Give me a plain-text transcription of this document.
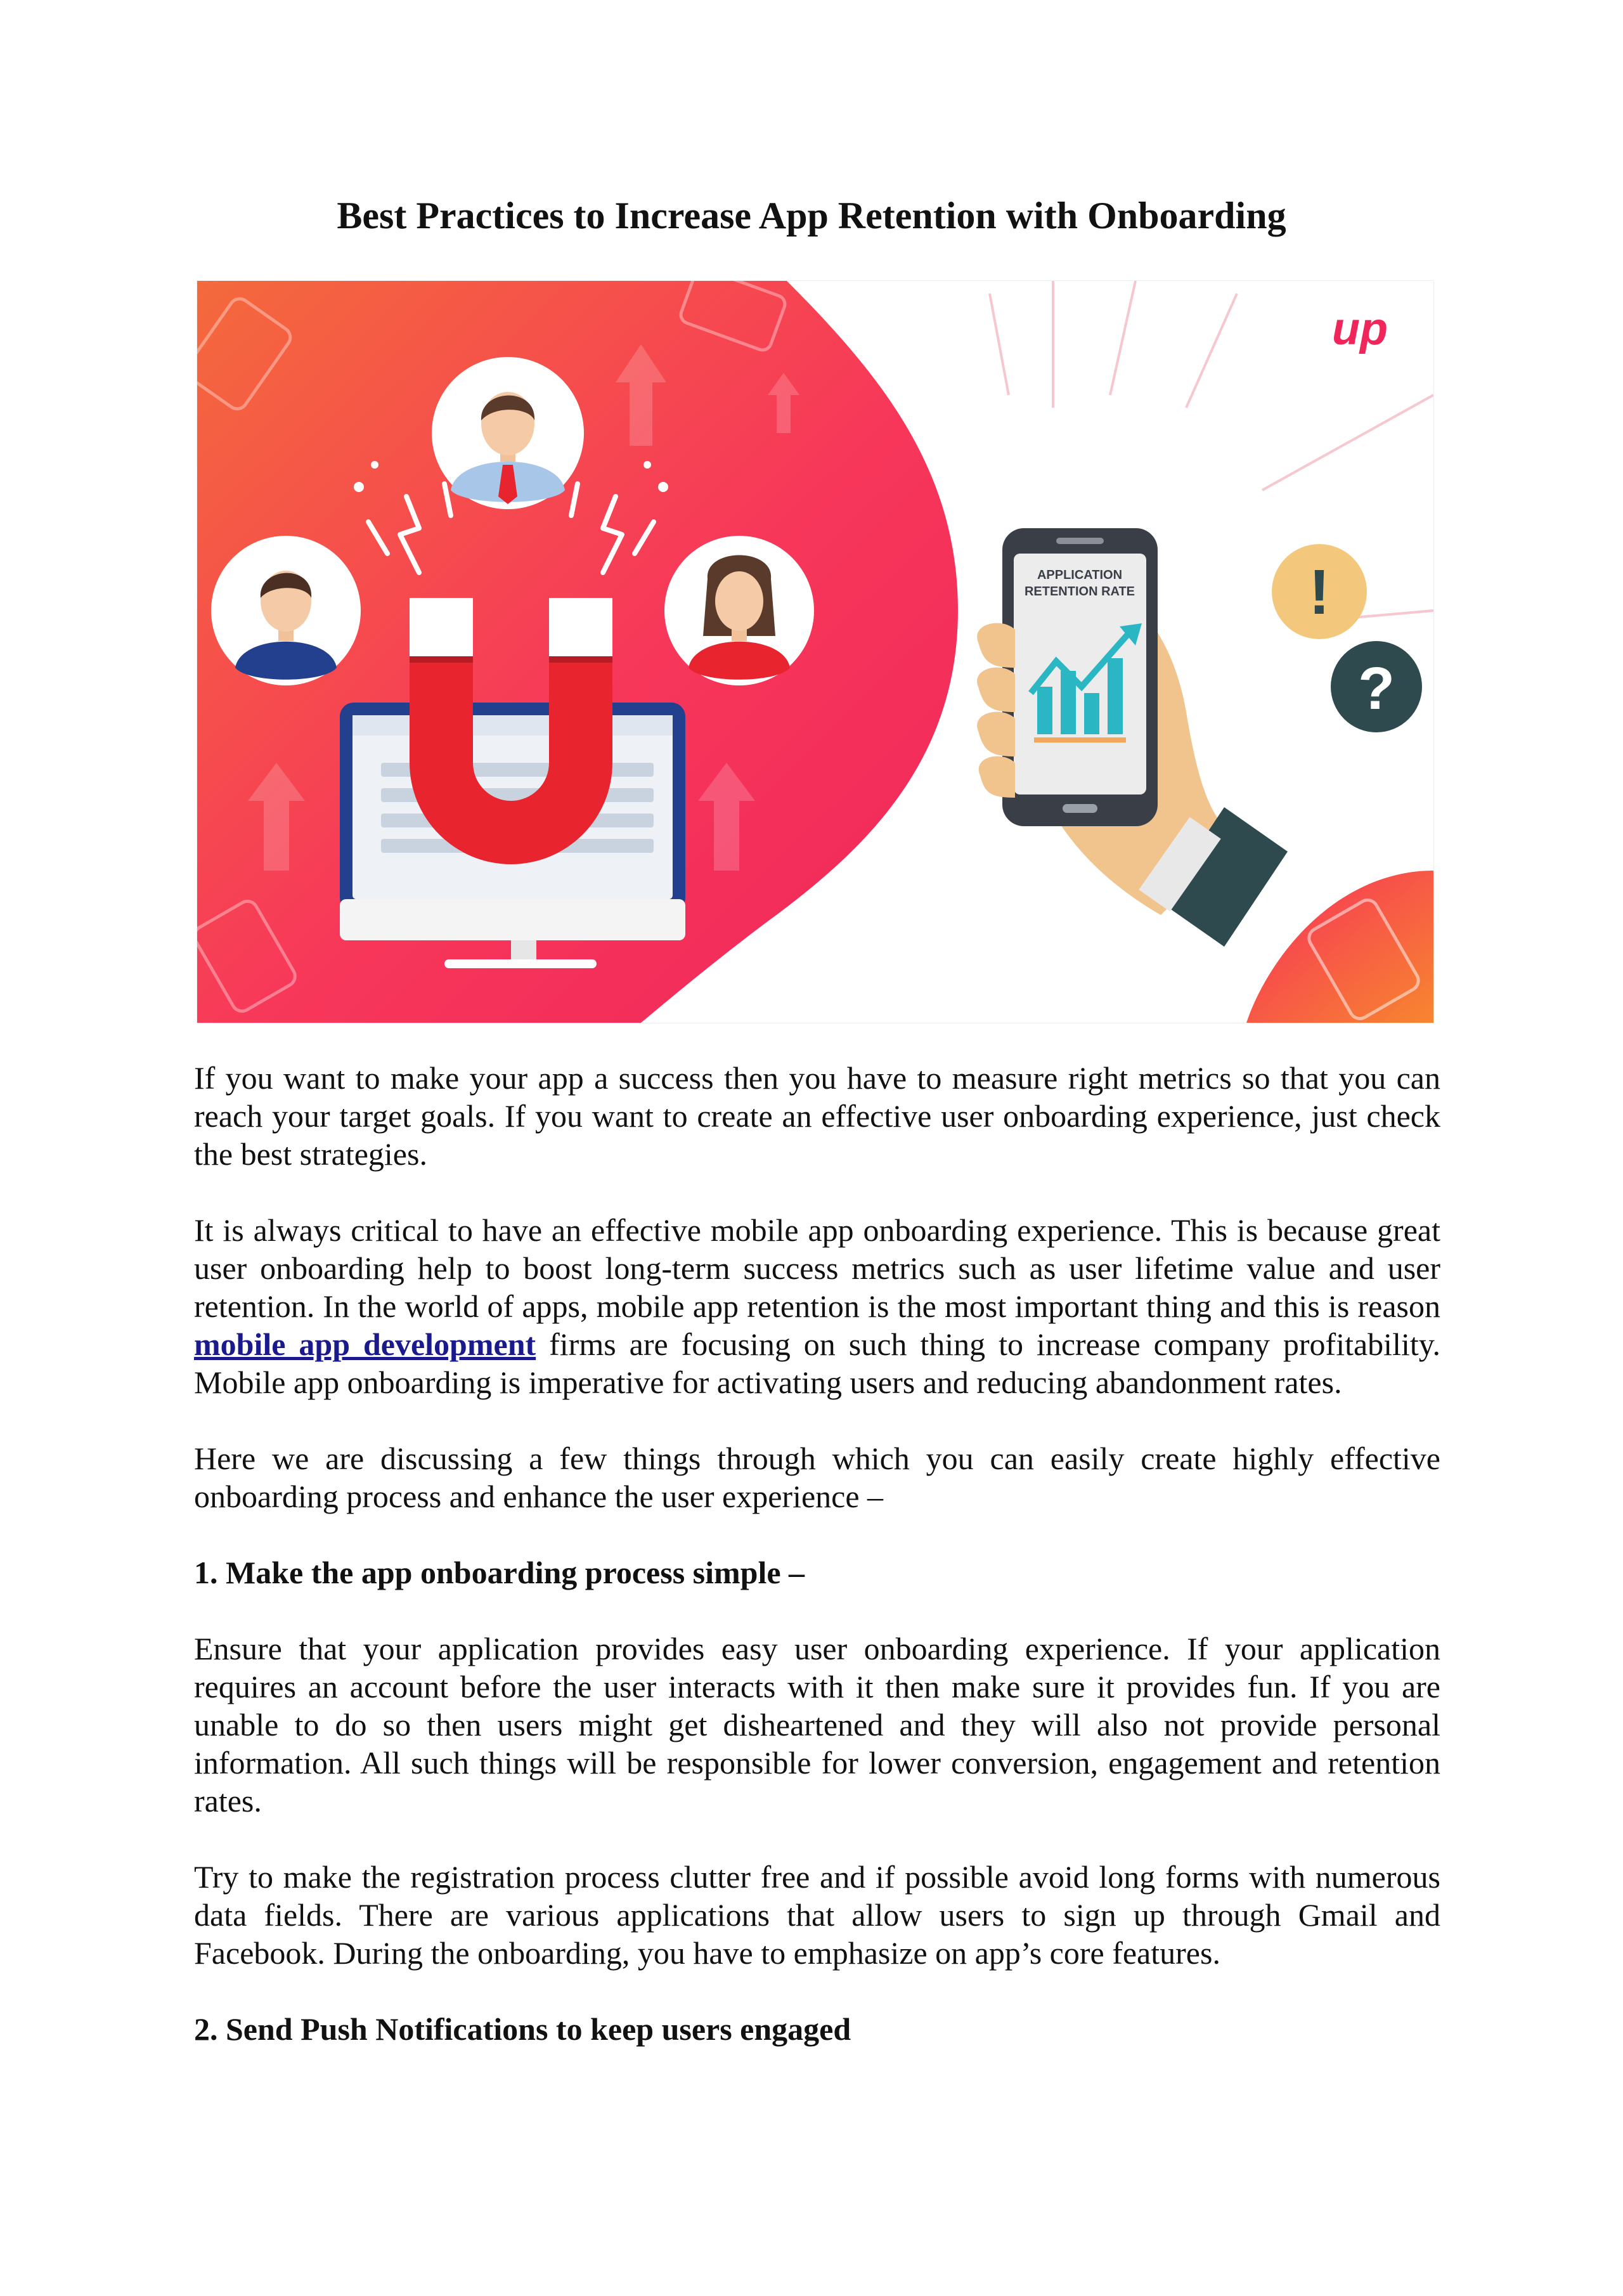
Best Practices to Increase App Retention with Onboarding
up
APPLICATION
RETENTION RATE	!
?

If you want to make your app a success then you have to measure right metrics so that you can reach your target goals. If you want to create an effective user onboarding experience, just check the best strategies.

It is always critical to have an effective mobile app onboarding experience. This is because great user onboarding help to boost long-term success metrics such as user lifetime value and user retention. In the world of apps, mobile app retention is the most important thing and this is reason mobile app development firms are focusing on such thing to increase company profitability. Mobile app onboarding is imperative for activating users and reducing abandonment rates.

Here we are discussing a few things through which you can easily create highly effective onboarding process and enhance the user experience –

1. Make the app onboarding process simple –

Ensure that your application provides easy user onboarding experience. If your application requires an account before the user interacts with it then make sure it provides fun. If you are unable to do so then users might get disheartened and they will also not provide personal information. All such things will be responsible for lower conversion, engagement and retention rates.

Try to make the registration process clutter free and if possible avoid long forms with numerous data fields. There are various applications that allow users to sign up through Gmail and Facebook. During the onboarding, you have to emphasize on app’s core features.

2. Send Push Notifications to keep users engaged
